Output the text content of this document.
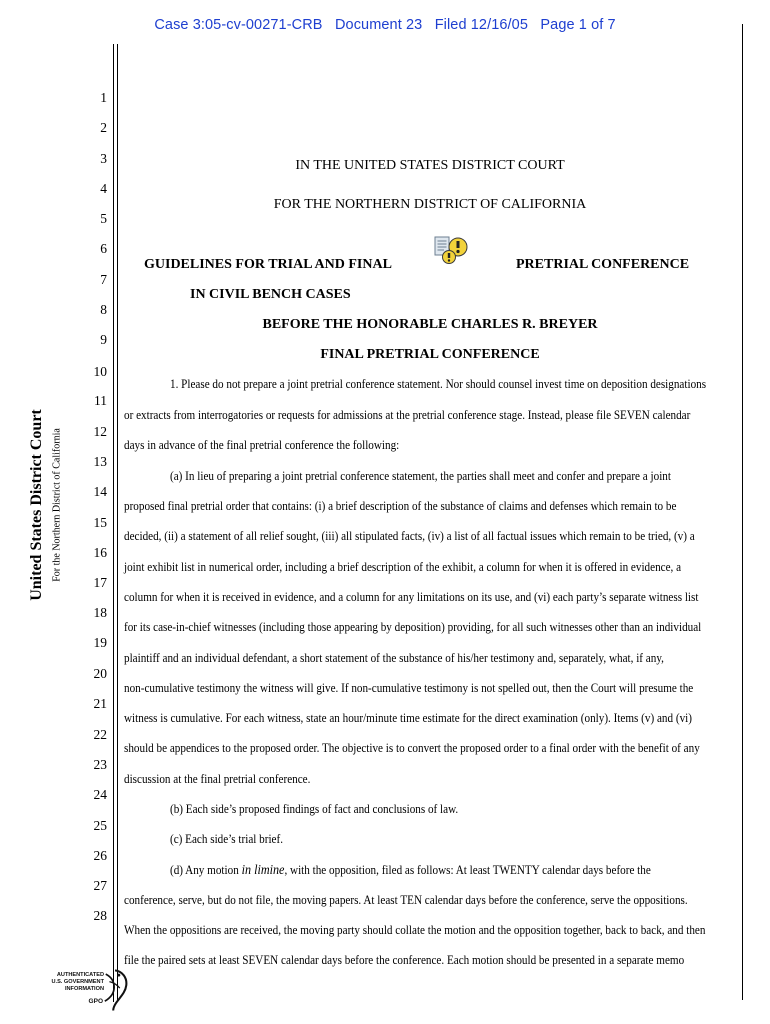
Case 3:05-cv-00271-CRB Document 23 Filed 12/16/05 Page 1 of 7
United States District Court For the Northern District of California
1
2
3
4
5
6
7
8
9
10
11
12
13
14
15
16
17
18
19
20
21
22
23
24
25
26
27
28
IN THE UNITED STATES DISTRICT COURT
FOR THE NORTHERN DISTRICT OF CALIFORNIA
GUIDELINES FOR TRIAL AND FINAL	PRETRIAL CONFERENCE
IN CIVIL BENCH CASES
BEFORE THE HONORABLE CHARLES R. BREYER
FINAL PRETRIAL CONFERENCE
1. Please do not prepare a joint pretrial conference statement. Nor should counsel invest time on deposition designations
or extracts from interrogatories or requests for admissions at the pretrial conference stage. Instead, please file SEVEN calendar
days in advance of the final pretrial conference the following:
(a) In lieu of preparing a joint pretrial conference statement, the parties shall meet and confer and prepare a joint
proposed final pretrial order that contains: (i) a brief description of the substance of claims and defenses which remain to be
decided, (ii) a statement of all relief sought, (iii) all stipulated facts, (iv) a list of all factual issues which remain to be tried, (v) a
joint exhibit list in numerical order, including a brief description of the exhibit, a column for when it is offered in evidence, a
column for when it is received in evidence, and a column for any limitations on its use, and (vi) each party’s separate witness list
for its case-in-chief witnesses (including those appearing by deposition) providing, for all such witnesses other than an individual
plaintiff and an individual defendant, a short statement of the substance of his/her testimony and, separately, what, if any,
non-cumulative testimony the witness will give. If non-cumulative testimony is not spelled out, then the Court will presume the
witness is cumulative. For each witness, state an hour/minute time estimate for the direct examination (only). Items (v) and (vi)
should be appendices to the proposed order. The objective is to convert the proposed order to a final order with the benefit of any
discussion at the final pretrial conference.
(b) Each side’s proposed findings of fact and conclusions of law.
(c) Each side’s trial brief.
(d) Any motion in limine, with the opposition, filed as follows: At least TWENTY calendar days before the
conference, serve, but do not file, the moving papers. At least TEN calendar days before the conference, serve the oppositions.
When the oppositions are received, the moving party should collate the motion and the opposition together, back to back, and then
file the paired sets at least SEVEN calendar days before the conference. Each motion should be presented in a separate memo
AUTHENTICATED
U.S. GOVERNMENT
INFORMATION
GPO
